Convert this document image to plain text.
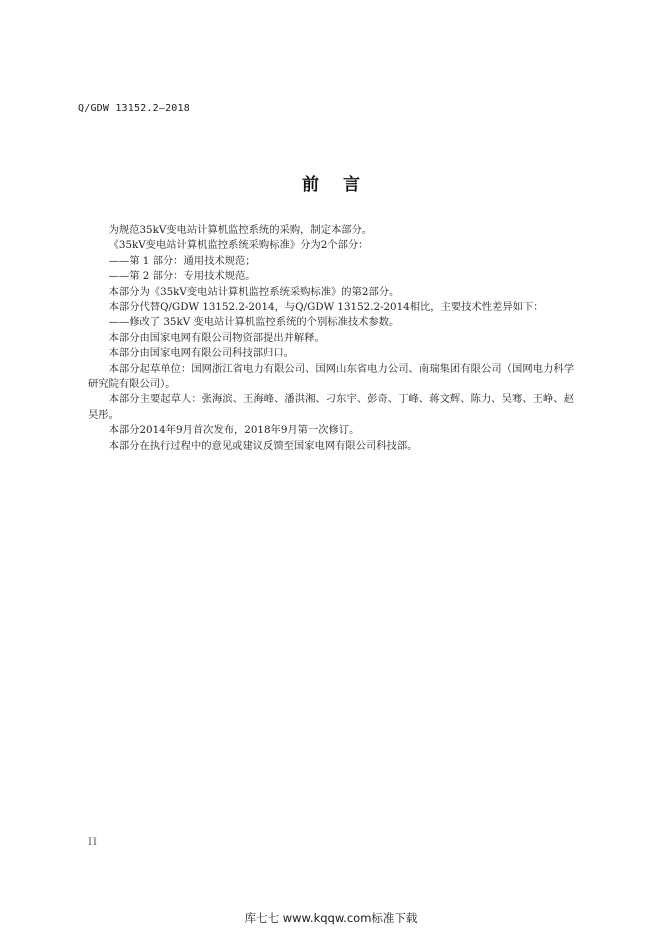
Q/GDW 13152.2—2018
前言

为规范35kV变电站计算机监控系统的采购，制定本部分。

《35kV变电站计算机监控系统采购标准》分为2个部分：

——第 1 部分：通用技术规范；

——第 2 部分：专用技术规范。

本部分为《35kV变电站计算机监控系统采购标准》的第2部分。

本部分代替Q/GDW 13152.2-2014，与Q/GDW 13152.2-2014相比，主要技术性差异如下：

——修改了 35kV 变电站计算机监控系统的个别标准技术参数。

本部分由国家电网有限公司物资部提出并解释。

本部分由国家电网有限公司科技部归口。

本部分起草单位：国网浙江省电力有限公司、国网山东省电力公司、南瑞集团有限公司（国网电力科学研究院有限公司）。

本部分主要起草人：张海滨、王海峰、潘洪湘、刁东宇、彭奇、丁峰、蒋文辉、陈力、吴骞、王峥、赵昊彤。

本部分2014年9月首次发布，2018年9月第一次修订。

本部分在执行过程中的意见或建议反馈至国家电网有限公司科技部。

II
库七七 www.kqqw.com标准下载
